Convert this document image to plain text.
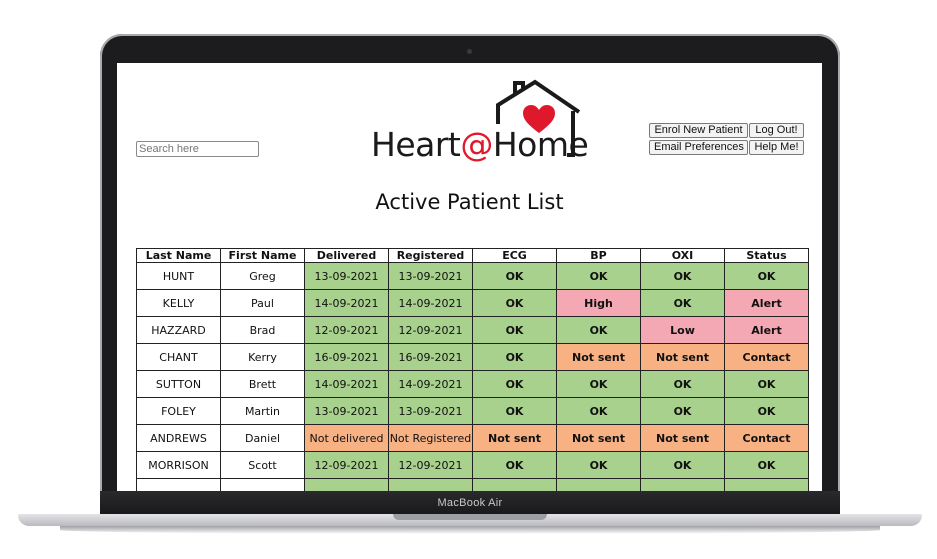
Search here
Heart@Home	Enrol New Patient	Log Out!
Email Preferences Help Me!
Active Patient List
Last Name	First Name	Delivered	Registered	ECG	BP	OXI	Status
HUNT	Greg	13-09-2021	13-09-2021	OK	OK	OK	OK
KELLY	Paul	14-09-2021	14-09-2021	OK	High	OK	Alert
HAZZARD	Brad	12-09-2021	12-09-2021	OK	OK	Low	Alert
CHANT	Kerry	16-09-2021	16-09-2021	OK	Not sent	Not sent	Contact
SUTTON	Brett	14-09-2021	14-09-2021	OK	OK	OK	OK
FOLEY	Martin	13-09-2021	13-09-2021	OK	OK	OK	OK
ANDREWS	Daniel	Not delivered	Not Registered	Not sent	Not sent	Not sent	Contact
MORRISON	Scott	12-09-2021	12-09-2021	OK	OK	OK	OK

MacBook Air
